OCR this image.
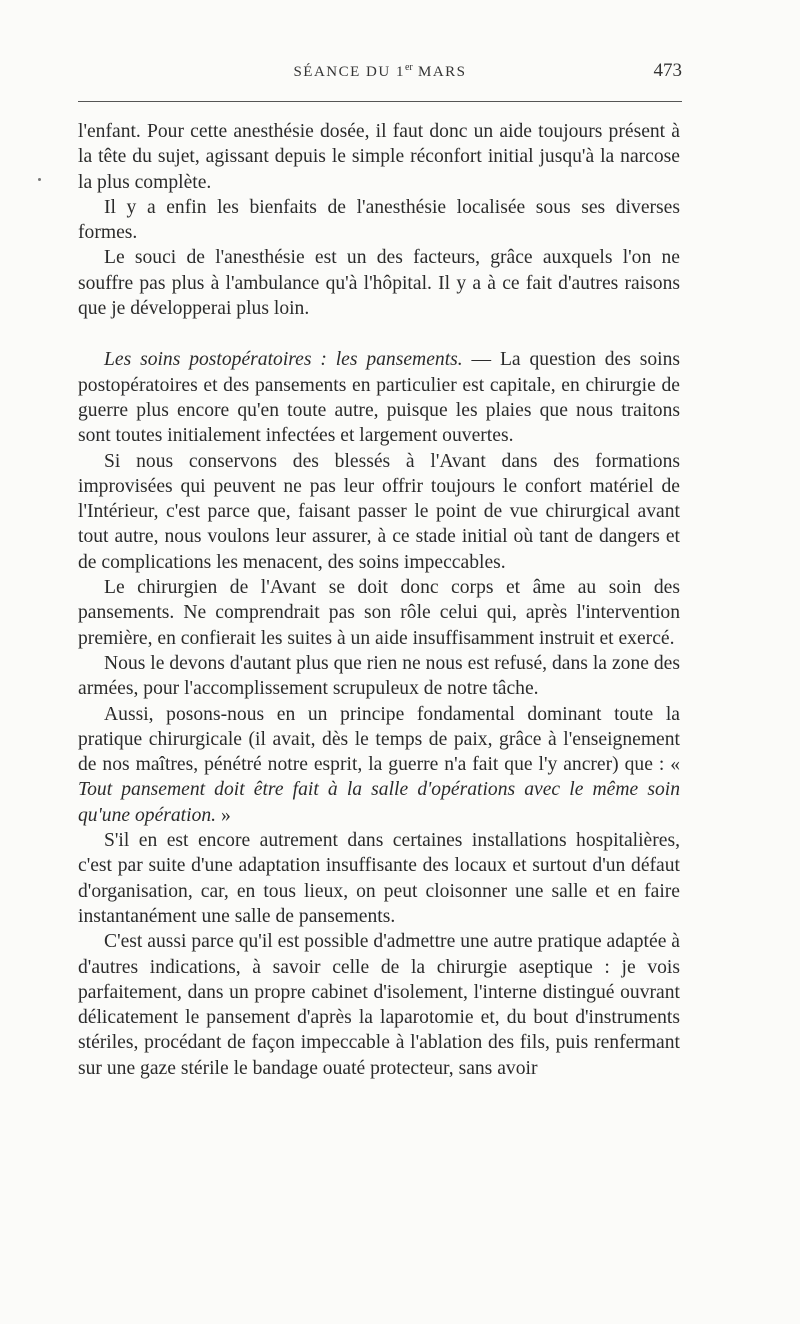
SÉANCE DU 1er MARS	473

l'enfant. Pour cette anesthésie dosée, il faut donc un aide toujours présent à la tête du sujet, agissant depuis le simple réconfort initial jusqu'à la narcose la plus complète.

Il y a enfin les bienfaits de l'anesthésie localisée sous ses diverses formes.

Le souci de l'anesthésie est un des facteurs, grâce auxquels l'on ne souffre pas plus à l'ambulance qu'à l'hôpital. Il y a à ce fait d'autres raisons que je développerai plus loin.

Les soins postopératoires : les pansements. — La question des soins postopératoires et des pansements en particulier est capitale, en chirurgie de guerre plus encore qu'en toute autre, puisque les plaies que nous traitons sont toutes initialement infectées et largement ouvertes.

Si nous conservons des blessés à l'Avant dans des formations improvisées qui peuvent ne pas leur offrir toujours le confort matériel de l'Intérieur, c'est parce que, faisant passer le point de vue chirurgical avant tout autre, nous voulons leur assurer, à ce stade initial où tant de dangers et de complications les menacent, des soins impeccables.

Le chirurgien de l'Avant se doit donc corps et âme au soin des pansements. Ne comprendrait pas son rôle celui qui, après l'intervention première, en confierait les suites à un aide insuffisamment instruit et exercé.

Nous le devons d'autant plus que rien ne nous est refusé, dans la zone des armées, pour l'accomplissement scrupuleux de notre tâche.

Aussi, posons-nous en un principe fondamental dominant toute la pratique chirurgicale (il avait, dès le temps de paix, grâce à l'enseignement de nos maîtres, pénétré notre esprit, la guerre n'a fait que l'y ancrer) que : « Tout pansement doit être fait à la salle d'opérations avec le même soin qu'une opération. »

S'il en est encore autrement dans certaines installations hospitalières, c'est par suite d'une adaptation insuffisante des locaux et surtout d'un défaut d'organisation, car, en tous lieux, on peut cloisonner une salle et en faire instantanément une salle de pansements.

C'est aussi parce qu'il est possible d'admettre une autre pratique adaptée à d'autres indications, à savoir celle de la chirurgie aseptique : je vois parfaitement, dans un propre cabinet d'isolement, l'interne distingué ouvrant délicatement le pansement d'après la laparotomie et, du bout d'instruments stériles, procédant de façon impeccable à l'ablation des fils, puis renfermant sur une gaze stérile le bandage ouaté protecteur, sans avoir
